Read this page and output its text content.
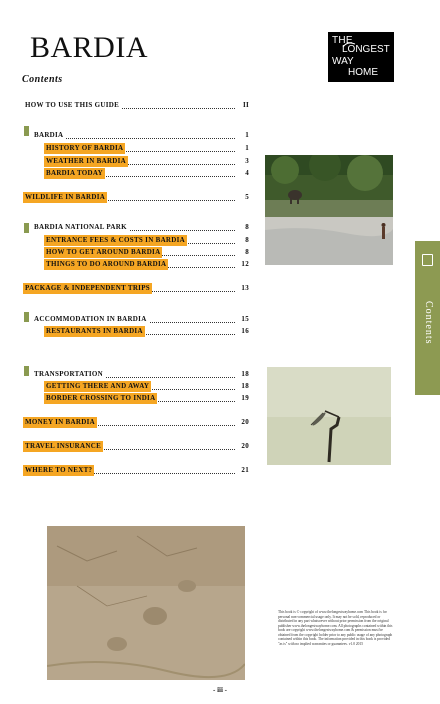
BARDIA
Contents
THE
LONGEST
WAY
HOME
HOW TO USE THIS GUIDE	II
BARDIA	1
HISTORY OF BARDIA	1
WEATHER IN BARDIA	3
BARDIA TODAY	4
WILDLIFE IN BARDIA	5
BARDIA NATIONAL PARK	8
ENTRANCE FEES & COSTS IN BARDIA	8
HOW TO GET AROUND BARDIA	8
THINGS TO DO AROUND BARDIA	12
PACKAGE & INDEPENDENT TRIPS	13
ACCOMMODATION IN BARDIA	15
RESTAURANTS IN BARDIA	16
TRANSPORTATION	18
GETTING THERE AND AWAY	18
BORDER CROSSING TO INDIA	19
MONEY IN BARDIA	20
TRAVEL INSURANCE	20
WHERE TO NEXT?	21
Contents
This book is © copyright of www.thelongestwayhome.com This book is for personal non-commercial usage only. It may not be sold, reproduced or distributed in any part whatsoever without prior permission from the original publisher www.thelongestwayhome.com. All photographs contained within this book are copyright www.thelongestwayhome.com & permission must be obtained from the copyright holder prior to any public usage of any photograph contained within this book. The information provided in this book is provided "as is" with no implied warranties or guarantees. v1.0 2015
- iii -
